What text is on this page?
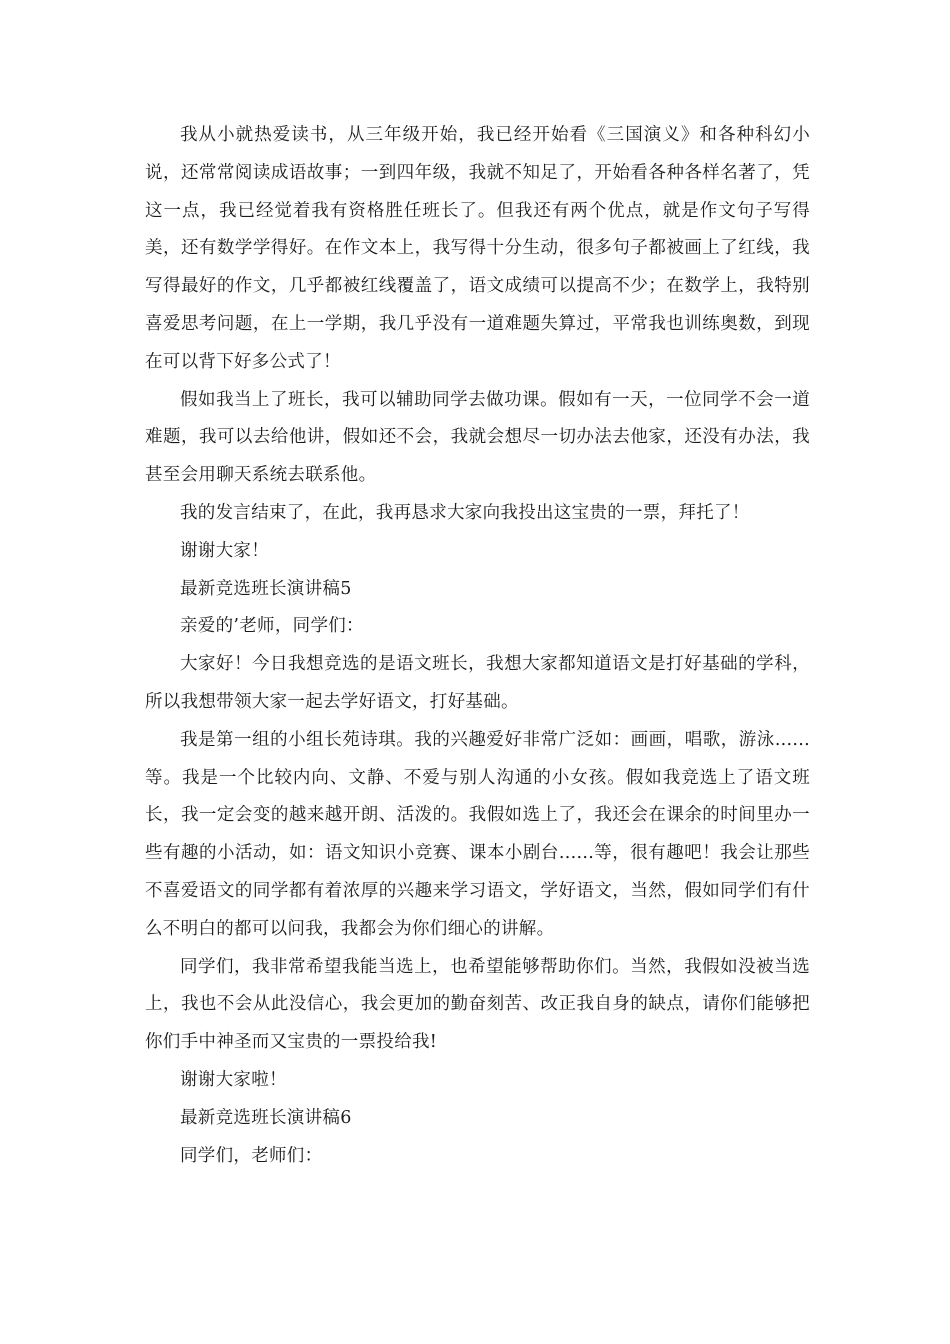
我从小就热爱读书，从三年级开始，我已经开始看《三国演义》和各种科幻小说，还常常阅读成语故事；一到四年级，我就不知足了，开始看各种各样名著了，凭这一点，我已经觉着我有资格胜任班长了。但我还有两个优点，就是作文句子写得美，还有数学学得好。在作文本上，我写得十分生动，很多句子都被画上了红线，我写得最好的作文，几乎都被红线覆盖了，语文成绩可以提高不少；在数学上，我特别喜爱思考问题，在上一学期，我几乎没有一道难题失算过，平常我也训练奥数，到现在可以背下好多公式了！

假如我当上了班长，我可以辅助同学去做功课。假如有一天，一位同学不会一道难题，我可以去给他讲，假如还不会，我就会想尽一切办法去他家，还没有办法，我甚至会用聊天系统去联系他。

我的发言结束了，在此，我再恳求大家向我投出这宝贵的一票，拜托了！

谢谢大家！

最新竞选班长演讲稿5

亲爱的’老师，同学们：

大家好！今日我想竞选的是语文班长，我想大家都知道语文是打好基础的学科，所以我想带领大家一起去学好语文，打好基础。

我是第一组的小组长苑诗琪。我的兴趣爱好非常广泛如：画画，唱歌，游泳......等。我是一个比较内向、文静、不爱与别人沟通的小女孩。假如我竞选上了语文班长，我一定会变的越来越开朗、活泼的。我假如选上了，我还会在课余的时间里办一些有趣的小活动，如：语文知识小竞赛、课本小剧台......等，很有趣吧！我会让那些不喜爱语文的同学都有着浓厚的兴趣来学习语文，学好语文，当然，假如同学们有什么不明白的都可以问我，我都会为你们细心的讲解。

同学们，我非常希望我能当选上，也希望能够帮助你们。当然，我假如没被当选上，我也不会从此没信心，我会更加的勤奋刻苦、改正我自身的缺点，请你们能够把你们手中神圣而又宝贵的一票投给我!

谢谢大家啦！

最新竞选班长演讲稿6

同学们，老师们：
